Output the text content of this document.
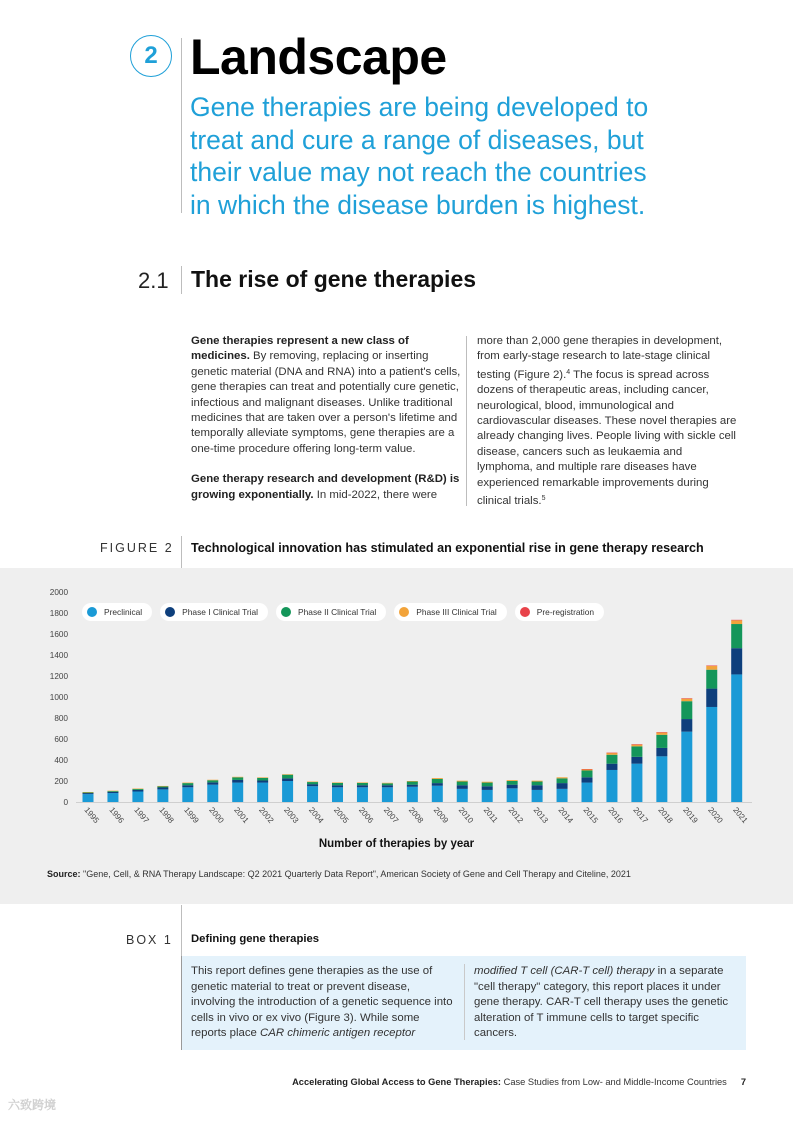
2 Landscape
Gene therapies are being developed to treat and cure a range of diseases, but their value may not reach the countries in which the disease burden is highest.
2.1 The rise of gene therapies

Gene therapies represent a new class of medicines. By removing, replacing or inserting genetic material (DNA and RNA) into a patient's cells, gene therapies can treat and potentially cure genetic, infectious and malignant diseases. Unlike traditional medicines that are taken over a person's lifetime and temporally alleviate symptoms, gene therapies are a one-time procedure offering long-term value.

Gene therapy research and development (R&D) is growing exponentially. In mid-2022, there were

more than 2,000 gene therapies in development, from early-stage research to late-stage clinical testing (Figure 2).$^4$ The focus is spread across dozens of therapeutic areas, including cancer, neurological, blood, immunological and cardiovascular diseases. These novel therapies are already changing lives. People living with sickle cell disease, cancers such as leukaemia and lymphoma, and multiple rare diseases have experienced remarkable improvements during clinical trials.$^5$

FIGURE 2 Technological innovation has stimulated an exponential rise in gene therapy research
0
200
400
600
800
1000
1200
1400
1600
1800
2000
1995 1996 1997 1998 1999 2000 2001 2002 2003 2004 2005 2006 2007 2008 2009 2010 2011 2012 2013 2014 2015 2016 2017 2018 2019 2020 2021
Preclinical	Phase I Clinical Trial	Phase II Clinical Trial	Phase III Clinical Trial	Pre-registration
Number of therapies by year
Source: "Gene, Cell, & RNA Therapy Landscape: Q2 2021 Quarterly Data Report", American Society of Gene and Cell Therapy and Citeline, 2021
BOX 1 Defining gene therapies
This report defines gene therapies as the use of genetic material to treat or prevent disease, involving the introduction of a genetic sequence into cells in vivo or ex vivo (Figure 3). While some reports place CAR chimeric antigen receptor
modified T cell (CAR-T cell) therapy in a separate "cell therapy" category, this report places it under gene therapy. CAR-T cell therapy uses the genetic alteration of T immune cells to target specific cancers.
Accelerating Global Access to Gene Therapies: Case Studies from Low- and Middle-Income Countries 7
六致跨境
